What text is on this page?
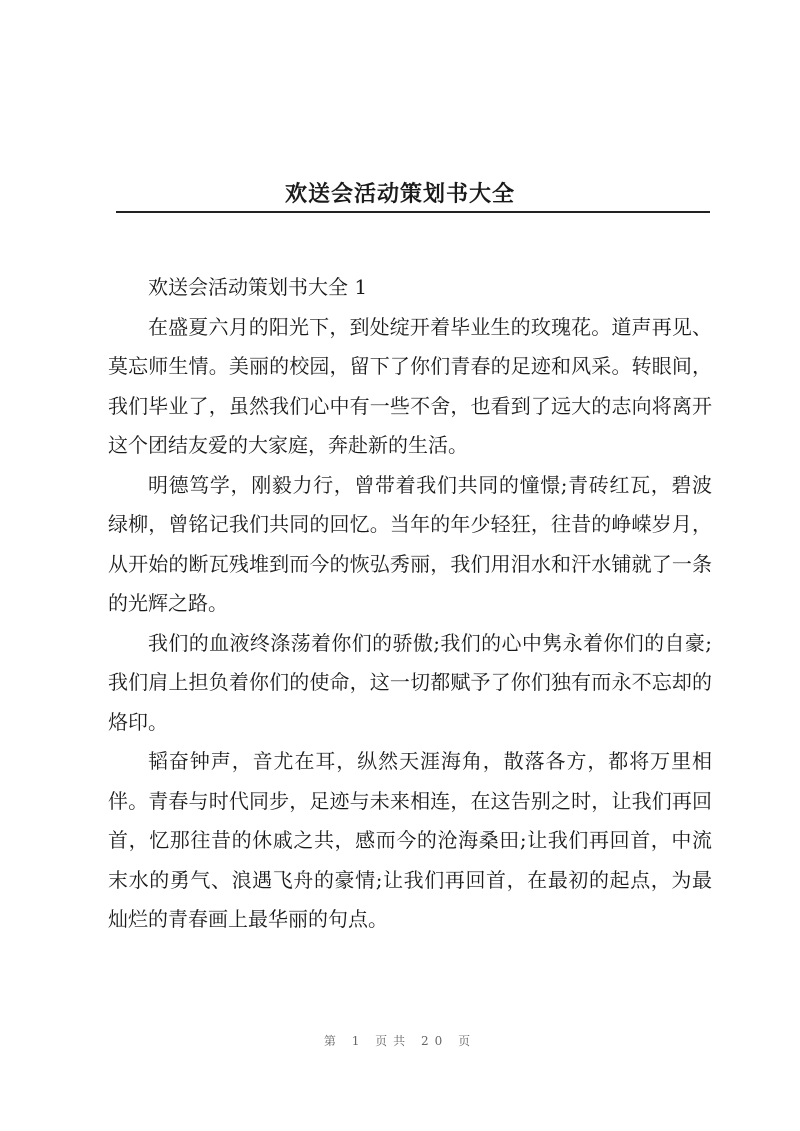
欢送会活动策划书大全

欢送会活动策划书大全 1

在盛夏六月的阳光下，到处绽开着毕业生的玫瑰花。道声再见、莫忘师生情。美丽的校园，留下了你们青春的足迹和风采。转眼间，我们毕业了，虽然我们心中有一些不舍，也看到了远大的志向将离开这个团结友爱的大家庭，奔赴新的生活。

明德笃学，刚毅力行，曾带着我们共同的憧憬;青砖红瓦，碧波绿柳，曾铭记我们共同的回忆。当年的年少轻狂，往昔的峥嵘岁月，从开始的断瓦残堆到而今的恢弘秀丽，我们用泪水和汗水铺就了一条的光辉之路。

我们的血液终涤荡着你们的骄傲;我们的心中隽永着你们的自豪;我们肩上担负着你们的使命，这一切都赋予了你们独有而永不忘却的烙印。

韬奋钟声，音尤在耳，纵然天涯海角，散落各方，都将万里相伴。青春与时代同步，足迹与未来相连，在这告别之时，让我们再回首，忆那往昔的休戚之共，感而今的沧海桑田;让我们再回首，中流末水的勇气、浪遇飞舟的豪情;让我们再回首，在最初的起点，为最灿烂的青春画上最华丽的句点。

第 1 页共 20 页
